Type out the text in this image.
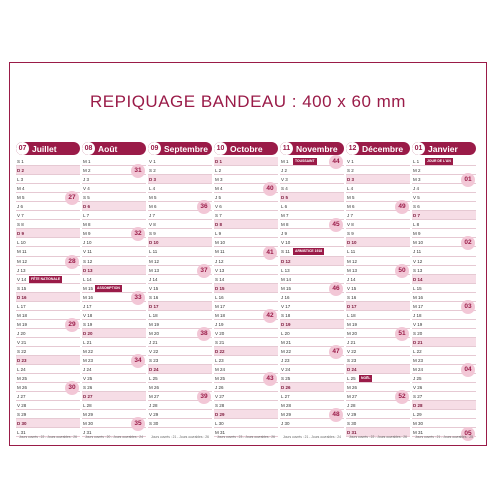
REPIQUAGE BANDEAU : 400 x 60 mm
07 Juillet
S 1
D 2
L 3
M 4
M 5	27
J 6
V 7
S 8
D 9
L 10
M 11
M 12	28
J 13
V 14	FÊTE NATIONALE
S 15
D 16
L 17
M 18
M 19	29
J 20
V 21
S 22
D 23
L 24
M 25
M 26	30
J 27
V 28
S 29
D 30
L 31
Jours ouvrés : 22 - Jours ouvrables : 26
08 Août
M 1
M 2	31
J 3
V 4
S 5
D 6
L 7
M 8
M 9	32
J 10
V 11
S 12
D 13
L 14
M 15	ASSOMPTION
M 16	33
J 17
V 18
S 19
D 20
L 21
M 22
M 23	34
J 24
V 25
S 26
D 27
L 28
M 29
M 30	35
J 31
Jours ouvrés : 20 - Jours ouvrables : 24
09 Septembre
V 1
S 2
D 3
L 4
M 5
M 6	36
J 7
V 8
S 9
D 10
L 11
M 12
M 13	37
J 14
V 15
S 16
D 17
L 18
M 19
M 20	38
J 21
V 22
S 23
D 24
L 25
M 26
M 27	39
J 28
V 29
S 30
Jours ouvrés : 21 - Jours ouvrables : 26
10 Octobre
D 1
L 2
M 3
M 4	40
J 5
V 6
S 7
D 8
L 9
M 10
M 11	41
J 12
V 13
S 14
D 15
L 16
M 17
M 18	42
J 19
V 20
S 21
D 22
L 23
M 24
M 25	43
J 26
V 27
S 28
D 29
L 30
M 31
Jours ouvrés : 23 - Jours ouvrables : 26
11 Novembre
M 1	TOUSSAINT	44
J 2
V 3
S 4
D 5
L 6
M 7
M 8	45
J 9
V 10
S 11	ARMISTICE 1918
D 12
L 13
M 14
M 15	46
J 16
V 17
S 18
D 19
L 20
M 21
M 22	47
J 23
V 24
S 25
D 26
L 27
M 28
M 29	48
J 30
Jours ouvrés : 21 - Jours ouvrables : 24
12 Décembre
V 1
S 2
D 3
L 4
M 5
M 6	49
J 7
V 8
S 9
D 10
L 11
M 12
M 13	50
J 14
V 15
S 16
D 17
L 18
M 19
M 20	51
J 21
V 22
S 23
D 24
L 25	NOËL
M 26
M 27	52
J 28
V 29
S 30
D 31
Jours ouvrés : 22 - Jours ouvrables : 26
01 Janvier
L 1	JOUR DE L'AN
M 2
M 3	01
J 4
V 5
S 6
D 7
L 8
M 9
M 10	02
J 11
V 12
S 13
D 14
L 15
M 16
M 17	03
J 18
V 19
S 20
D 21
L 22
M 23
M 24	04
J 25
V 26
S 27
D 28
L 29
M 30
M 31	05
Jours ouvrés : 21 - Jours ouvrables : 25
